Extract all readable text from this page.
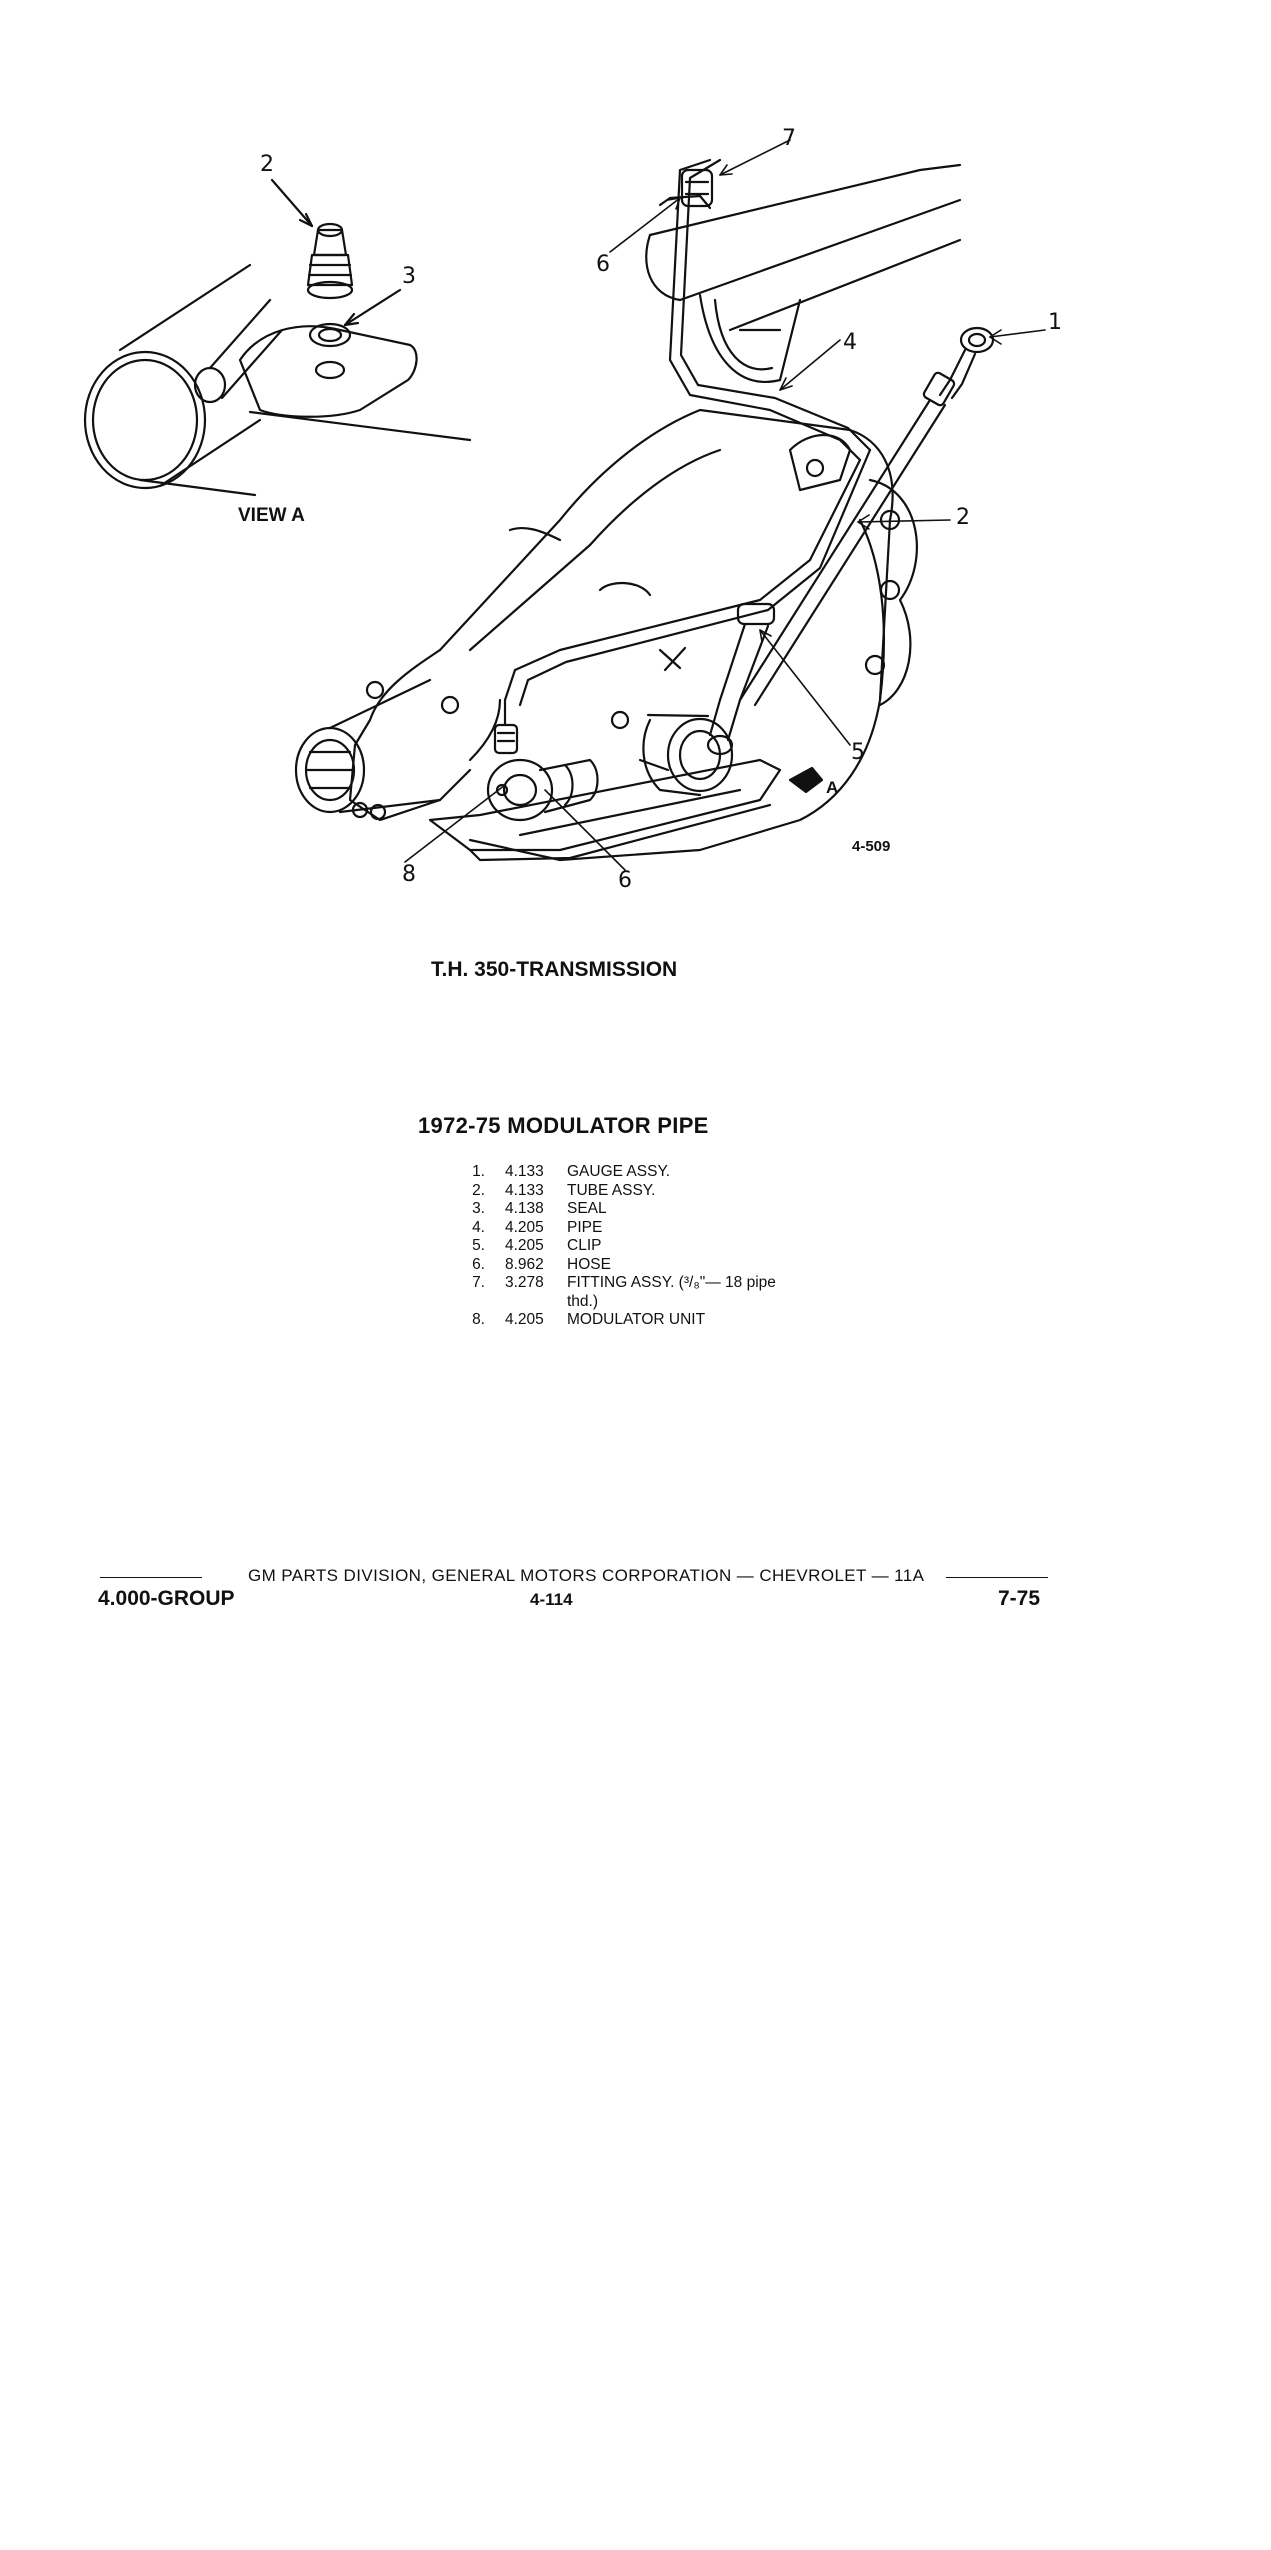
2
3
1
2
4
5
6
6
7
8
VIEW A
A
4-509
T.H. 350-TRANSMISSION
1972-75 MODULATOR PIPE
1. 4.133 GAUGE ASSY.
2. 4.133 TUBE ASSY.
3. 4.138 SEAL
4. 4.205 PIPE
5. 4.205 CLIP
6. 8.962 HOSE
7. 3.278 FITTING ASSY. (³/₈"— 18 pipe thd.)
8. 4.205 MODULATOR UNIT
GM PARTS DIVISION, GENERAL MOTORS CORPORATION — CHEVROLET — 11A
4.000-GROUP	4-114	7-75
